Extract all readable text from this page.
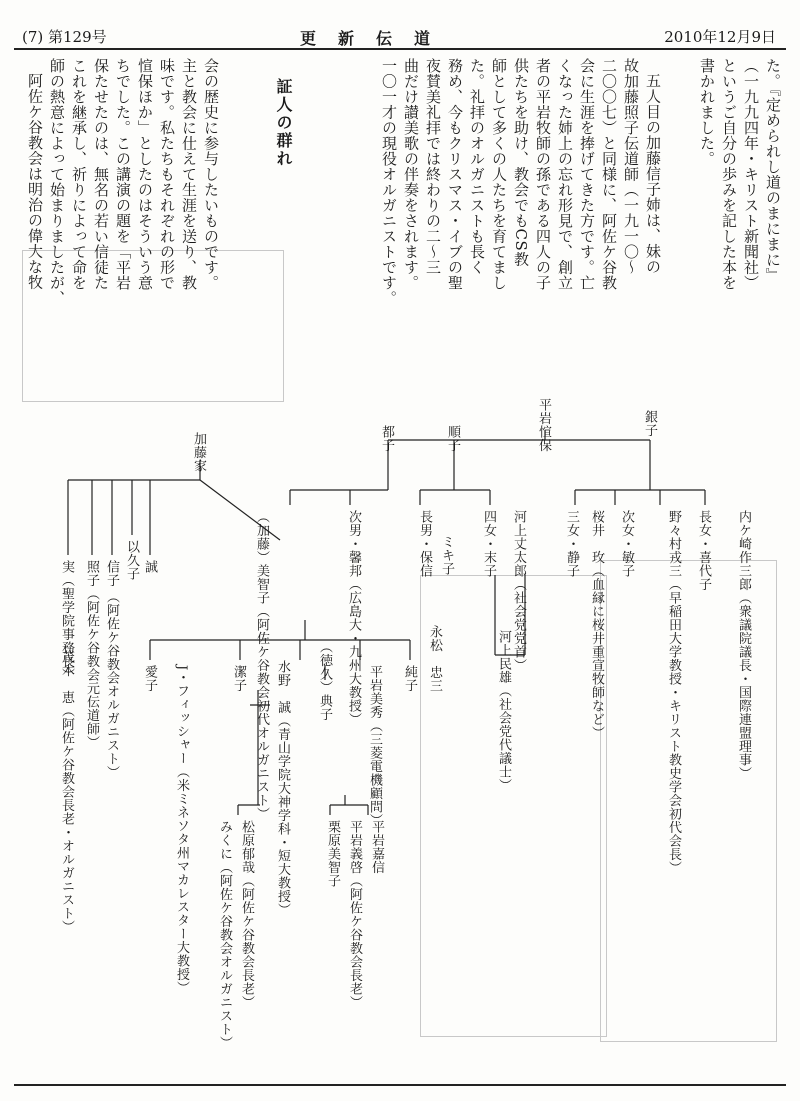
(7) 第129号	更新伝道	2010年12月9日
た。『定められし道のまにまに』
（一九九四年・キリスト新聞社）
というご自分の歩みを記した本を
書かれました。
五人目の加藤信子姉は、妹の
故加藤照子伝道師（一九一〇～
二〇〇七）と同様に、阿佐ケ谷教
会に生涯を捧げてきた方です。亡
くなった姉上の忘れ形見で、創立
者の平岩牧師の孫である四人の子
供たちを助け、教会でもCS教
師として多くの人たちを育てまし
た。礼拝のオルガニストも長く
務め、今もクリスマス・イブの聖
夜賛美礼拝では終わりの二～三
曲だけ讃美歌の伴奏をされます。
一〇一才の現役オルガニストです。
証人の群れ
会の歴史に参与したいものです。
主と教会に仕えて生涯を送り、教
味です。私たちもそれぞれの形で
愃保ほか」としたのはそういう意
ちでした。この講演の題を「平岩
保たせたのは、無名の若い信徒た
これを継承し、祈りによって命を
師の熱意によって始まりましたが、
阿佐ケ谷教会は明治の偉大な牧
平岩愃保	銀子
順子
都子
内ケ崎作三郎（衆議院議長・国際連盟理事）
長女・喜代子
野々村戎三（早稲田大学教授・キリスト教史学会初代会長）
次女・敏子
桜井　玫（血縁に桜井重宣牧師など）
三女・静子
河上丈太郎（社会党党首）
四女・末子
河上民雄（社会党代議士）
長男・保信 ミキ子
次男・馨邦（広島大・九州大教授）
（加藤）美智子（阿佐ケ谷教会初代オルガニスト）
加藤家
誠
以久子
信子
（阿佐ケ谷教会オルガニスト）
照子（阿佐ケ谷教会元伝道師）
実（聖学院事務長）
茂木　恵（阿佐ケ谷教会長老・オルガニスト）	永松　忠三
純子
平岩美秀（三菱電機顧問）
（徳久）典子
水野　誠（青山学院大神学科・短大教授）
潔子
J・フィッシャー（米ミネソタ州マカレスター大教授）
愛子
平岩嘉信
平岩義啓（阿佐ケ谷教会長老）
栗原美智子
松原郁哉（阿佐ケ谷教会長老）
みくに（阿佐ケ谷教会オルガニスト）
